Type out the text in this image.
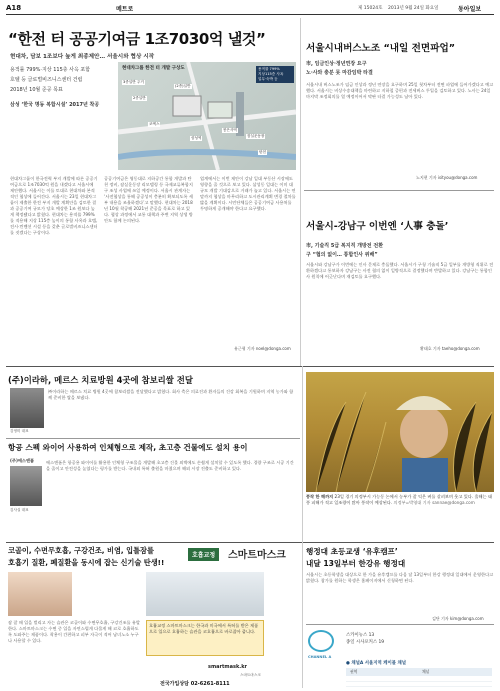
A18	메트로	제 15024호 2013년 9월 24일 화요일	동아일보
“한전 터 공공기여금 1조7030억 낼것”
현대차, 담보 1조보다 높게 최종제안… 서울시와 협상 시작
용적률 799%·지상 115층 사옥 포함
호텔 등 글로벌비즈니스센터 건립
2018년 10월 준공 목표
삼성 ‘한국 명동 복합시설’ 2017년 착공
현대차그룹 한전 터 개발 구상도
3종일반 주거
2종일반
(2종)일반
삼성역
코엑스
봉은사역
탄천
잠실운동장
용적률 799%
지상115층 사옥
업무·숙박 등
현대차그룹이 한국전력 부지 개발에 따른 공공기여금으로 1조7030억 원을 내겠다고 서울시에 제안했다. 서울시는 이를 토대로 현대차와 본격적인 협상에 들어간다. 서울시는 23일 현대차그룹이 제출한 한전 부지 개발 계획안을 검토한 결과 공공기여 규모가 당초 예상한 1조 원보다 높게 책정됐다고 밝혔다. 현대차는 용적률 799%를 적용해 지상 115층 높이의 통합 사옥과 호텔, 전시·컨벤션 시설 등을 갖춘 글로벌비즈니스센터를 짓겠다는 구상이다.
공공기여금은 영동대로 지하공간 통합 개발과 탄천 정비, 잠실운동장 리모델링 등 국제교류복합지구 조성 사업에 쓰일 예정이다. 서울시 관계자는 ‘사전협상을 통해 공공성이 충분히 확보되도록 세부 내용을 조율하겠다’고 말했다. 현대차는 2018년 10월 착공해 2021년 준공을 목표로 하고 있다. 협상 과정에서 교통 대책과 주변 지역 상생 방안도 함께 논의된다.
업계에서는 이번 제안이 강남 일대 부동산 시장에도 영향을 줄 것으로 보고 있다. 삼성동 일대는 이미 대규모 개발 기대감으로 거래가 늘고 있다. 서울시는 연말까지 협상을 마무리하고 도시관리계획 변경 절차를 밟을 계획이다. 시민단체들은 공공기여금 사용처를 투명하게 공개해야 한다고 요구했다.
유근형 기자 noel@donga.com
서울시내버스노조 “내일 전면파업”
市, 임금인상·정년연장 요구
노·사와 충분 못 마감임박 타결
서울시내 버스노조가 임금 인상과 정년 연장을 요구하며 25일 첫차부터 전면 파업에 들어가겠다고 예고했다. 서울시는 비상수송대책을 마련하고 지하철 증편과 전세버스 투입을 검토하고 있다. 노사는 24일 마지막 조정회의를 열 예정이어서 막판 타결 가능성도 남아 있다.
노지현 기자 isityou@donga.com
서울시-강남구 이번엔 ‘人事 충돌’
市, 기술직 5급 복지직 개방전 전환
구 “협의 없이… 통합인사 위배”
서울시와 강남구가 이번에는 인사 문제로 충돌했다. 서울시가 구청 기술직 5급 일부를 개방형 직위로 전환하겠다고 통보하자 강남구는 사전 협의 없이 일방적으로 결정했다며 반발하고 있다. 강남구는 통합인사 원칙에 어긋난다며 재검토를 요구했다.
황태호 기자 taeho@donga.com
(주)이라하, 메르스 치료방원 4곳에 참보리쌀 전달
김영미 대표
㈜이라하는 메르스 치료 병원 4곳에 참보리쌀을 전달했다고 밝혔다. 회사 측은 의료진과 환자들의 건강 회복을 기원하며 지역 농가와 함께 준비한 쌀을 보냈다.
항공 스펙 와이어 사용하여 인체형으로 제작, 초고층 건물에도 설치 용이
(주)에스앤폼
김사실 대표
에스앤폼은 항공용 와이어를 활용한 인체형 구조물을 개발해 초고층 건물 외벽에도 손쉽게 설치할 수 있도록 했다. 경량 구조로 시공 기간을 줄이고 안전성을 높였다는 평가를 받는다. 국내외 특허 출원을 마쳤으며 해외 시장 진출도 준비하고 있다.
풍작 한 해까지 23일 경기 의정부시 가능동 논에서 농부가 잘 익은 벼를 살펴보며 웃고 있다. 올해는 태풍 피해가 적고 일조량이 많아 풍작이 예상된다. 의정부=박영대 기자 sannae@donga.com
코골이, 수면무호흡, 구강건조, 비염, 입틀잠를
호흡기 질환, 폐질환을 동시에 잡는 신기술 탄생!!
호흡교정	스마트마스크
잠 잘 때 입을 벌리고 자는 습관은 코골이와 수면무호흡, 구강건조를 유발한다. 스마트마스크는 수면 중 입을 자연스럽게 다물게 해 코로 호흡하도록 도와주는 제품이다. 착용이 간편하고 피부 자극이 적어 남녀노소 누구나 사용할 수 있다.
호흡교정 스마트마스크는 한국과 미국에서 특허를 받은 제품으로 입으로 호흡하는 습관을 코호흡으로 바로잡아 줍니다.
smartmask.kr
스마트마스크
전국가입상담 02-6261-8111
행정대 초등교생 ‘유후캠프’
내달 13일부터 한강유 행정대
서울시는 초등학생을 대상으로 한 가을 유후캠프를 다음 달 13일부터 한강 행정대 일대에서 운영한다고 밝혔다. 참가를 원하는 학생은 홈페이지에서 신청하면 된다.
김단 기자 kim@donga.com
CHANNEL A
스카이뉴스 13
종일 시사포커스 19
● 채널A 서울지역 케이블 채널
권역	채널
